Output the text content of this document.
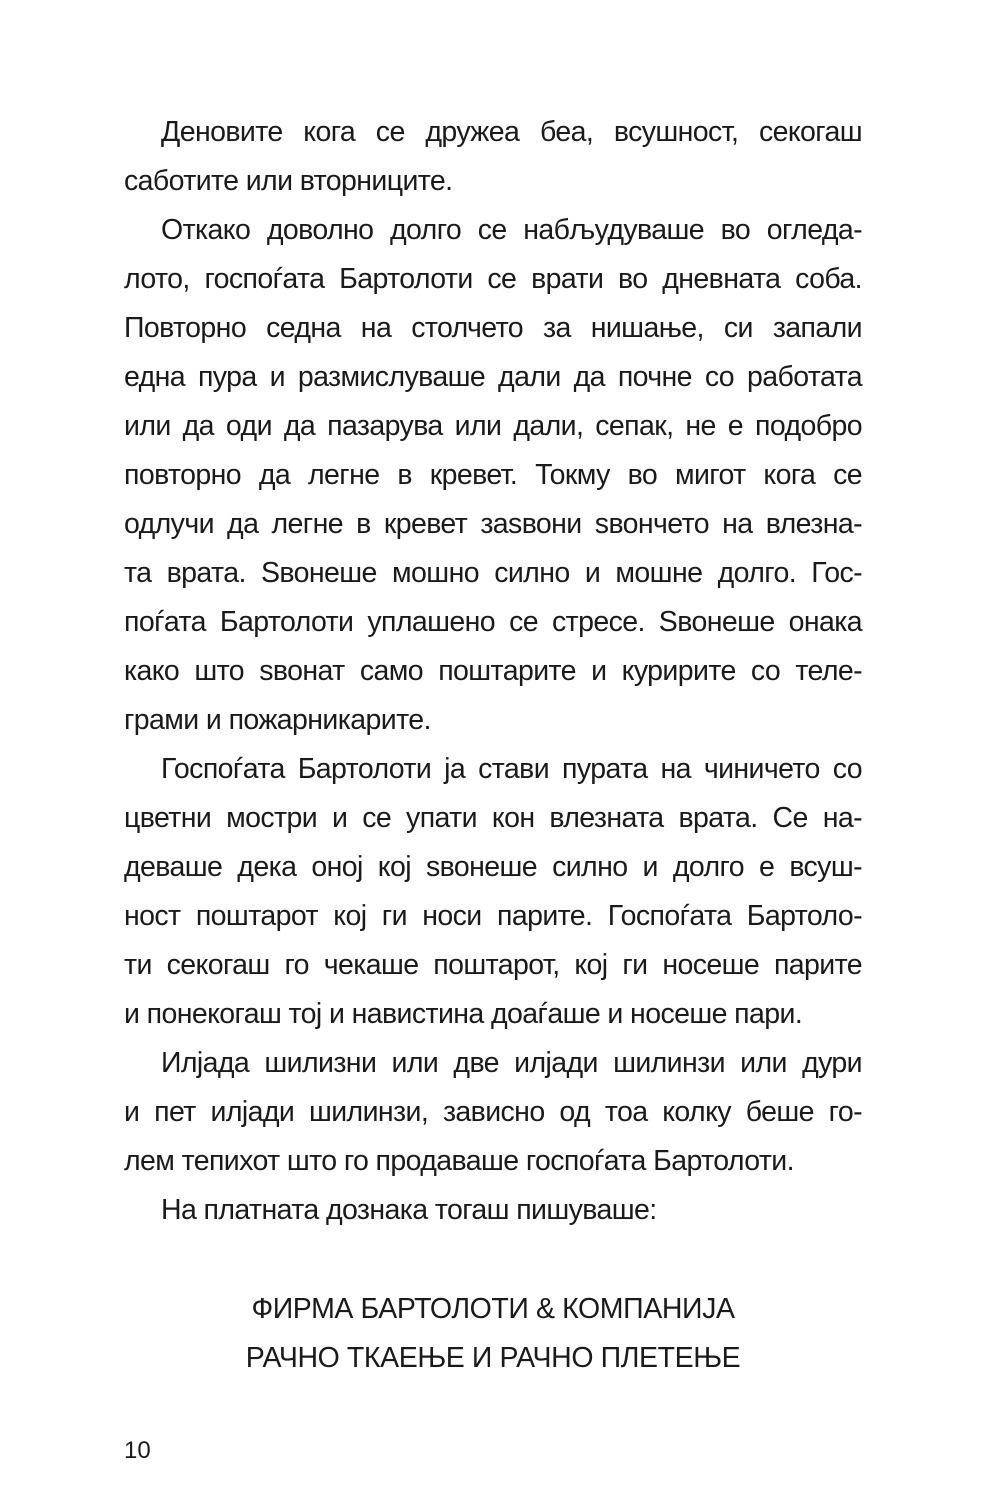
Деновите кога се дружеа беа, всушност, секогаш
саботите или вторниците.

Откако доволно долго се набљудуваше во огледа-
лото, госпоѓата Бартолоти се врати во дневната соба.
Повторно седна на столчето за нишање, си запали
една пура и размислуваше дали да почне со работата
или да оди да пазарува или дали, сепак, не е подобро
повторно да легне в кревет. Токму во мигот кога се
одлучи да легне в кревет заѕвони ѕвончето на влезна-
та врата. Ѕвонеше мошно силно и мошне долго. Гос-
поѓата Бартолоти уплашено се стресе. Ѕвонеше онака
како што ѕвонат само поштарите и куририте со теле-
грами и пожарникарите.

Госпоѓата Бартолоти ја стави пурата на чиничето со
цветни мостри и се упати кон влезната врата. Се на-
деваше дека оној кој ѕвонеше силно и долго е всуш-
ност поштарот кој ги носи парите. Госпоѓата Бартоло-
ти секогаш го чекаше поштарот, кој ги носеше парите
и понекогаш тој и навистина доаѓаше и носеше пари.

Илјада шилизни или две илјади шилинзи или дури
и пет илјади шилинзи, зависно од тоа колку беше го-
лем тепихот што го продаваше госпоѓата Бартолоти.

На платната дознака тогаш пишуваше:

ФИРМА БАРТОЛОТИ & КОМПАНИЈА
РАЧНО ТКАЕЊЕ И РАЧНО ПЛЕТЕЊЕ
10
